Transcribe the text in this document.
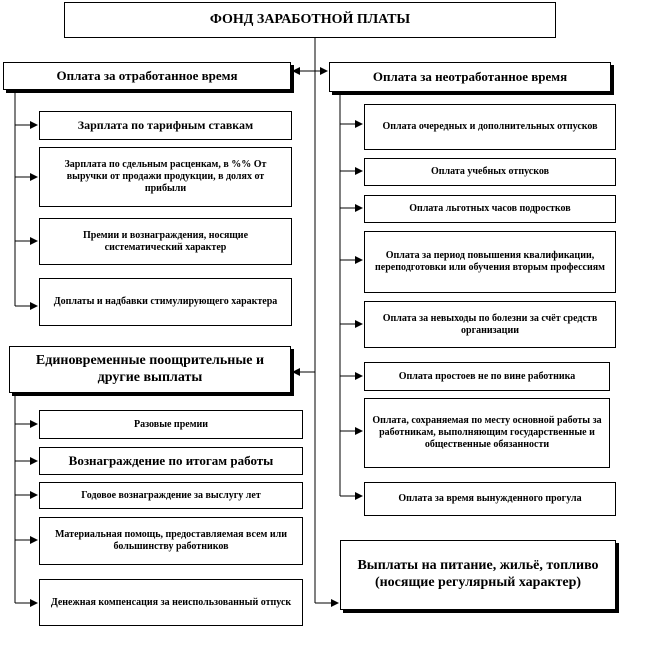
ФОНД ЗАРАБОТНОЙ ПЛАТЫ
Оплата за отработанное время
Зарплата по тарифным ставкам
Зарплата по сдельным расценкам, в %% От выручки от продажи продукции, в долях от прибыли
Премии и вознаграждения, носящие систематический характер
Доплаты и надбавки стимулирующего характера
Единовременные поощрительные и другие выплаты
Разовые премии
Вознаграждение по итогам работы
Годовое вознаграждение за выслугу лет
Материальная помощь, предоставляемая всем или большинству работников
Денежная компенсация за неиспользованный отпуск
Оплата за неотработанное время
Оплата очередных и дополнительных отпусков
Оплата учебных отпусков
Оплата льготных часов подростков
Оплата за период повышения квалификации, переподготовки или обучения вторым профессиям
Оплата за невыходы по болезни за счёт средств организации
Оплата простоев не по вине работника
Оплата, сохраняемая по месту основной работы за работникам, выполняющим государственные и общественные обязанности
Оплата за время вынужденного прогула
Выплаты на питание, жильё, топливо (носящие регулярный характер)
